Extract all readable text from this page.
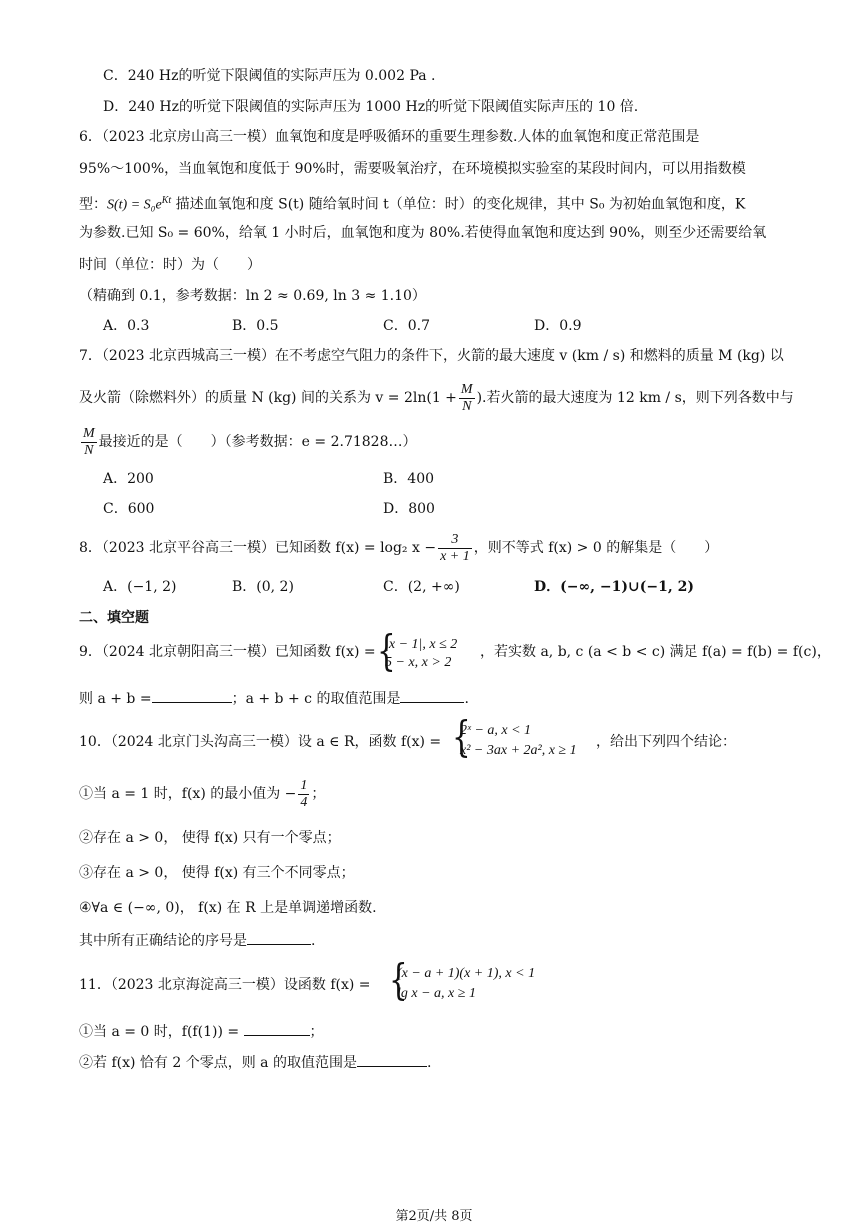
C．240 Hz的听觉下限阈值的实际声压为 0.002 Pa .
D．240 Hz的听觉下限阈值的实际声压为 1000 Hz的听觉下限阈值实际声压的 10 倍.
6．（2023 北京房山高三一模）血氧饱和度是呼吸循环的重要生理参数.人体的血氧饱和度正常范围是
95%～100%，当血氧饱和度低于 90%时，需要吸氧治疗，在环境模拟实验室的某段时间内，可以用指数模
型：$S(t) = S_0e^{Kt}$ 描述血氧饱和度 S(t) 随给氧时间 t（单位：时）的变化规律，其中 S₀ 为初始血氧饱和度，K
为参数.已知 S₀ = 60%，给氧 1 小时后，血氧饱和度为 80%.若使得血氧饱和度达到 90%，则至少还需要给氧
时间（单位：时）为（　　）
（精确到 0.1，参考数据：ln 2 ≈ 0.69, ln 3 ≈ 1.10）
A．0.3	B．0.5	C．0.7	D．0.9
7．（2023 北京西城高三一模）在不考虑空气阻力的条件下，火箭的最大速度 v (km / s) 和燃料的质量 M (kg) 以
及火箭（除燃料外）的质量 N (kg) 间的关系为 $v = 2\ln(1 + \frac{M}{N}$ ).若火箭的最大速度为 12 km / s，则下列各数中与
$\frac{M}{N}$ 最接近的是（　　）（参考数据：e = 2.71828…）
A．200	B．400
C．600	D．800
8．（2023 北京平谷高三一模）已知函数 f(x) = log₂ $x - \frac{3}{x + 1}$ ，则不等式 f(x) > 0 的解集是（　　）
A．(−1, 2)	B．(0, 2)	C．(2, +∞)	D．(−∞, −1)∪(−1, 2)
二、填空题
9．（2024 北京朝阳高三一模）已知函数 f(x) = {
|x − 1|, x ≤ 2
5 − x, x > 2
，若实数 a, b, c (a < b < c) 满足 f(a) = f(b) = f(c)，
则 a + b =	；a + b + c 的取值范围是	.
10．（2024 北京门头沟高三一模）设 a ∈ R，函数 f(x) = {
2ˣ − a, x < 1
x² − 3ax + 2a², x ≥ 1
，给出下列四个结论：
①当 a = 1 时，f(x) 的最小值为 − $\frac{1}{4}$ ；
②存在 a > 0， 使得 f(x) 只有一个零点；
③存在 a > 0， 使得 f(x) 有三个不同零点；
④∀a ∈ (−∞, 0)， f(x) 在 R 上是单调递增函数.
其中所有正确结论的序号是	.
11．（2023 北京海淀高三一模）设函数 f(x) = {
(x − a + 1)(x + 1), x < 1
lg x − a, x ≥ 1
①当 a = 0 时，f(f(1)) =	；
②若 f(x) 恰有 2 个零点，则 a 的取值范围是	.
第2页/共 8页
